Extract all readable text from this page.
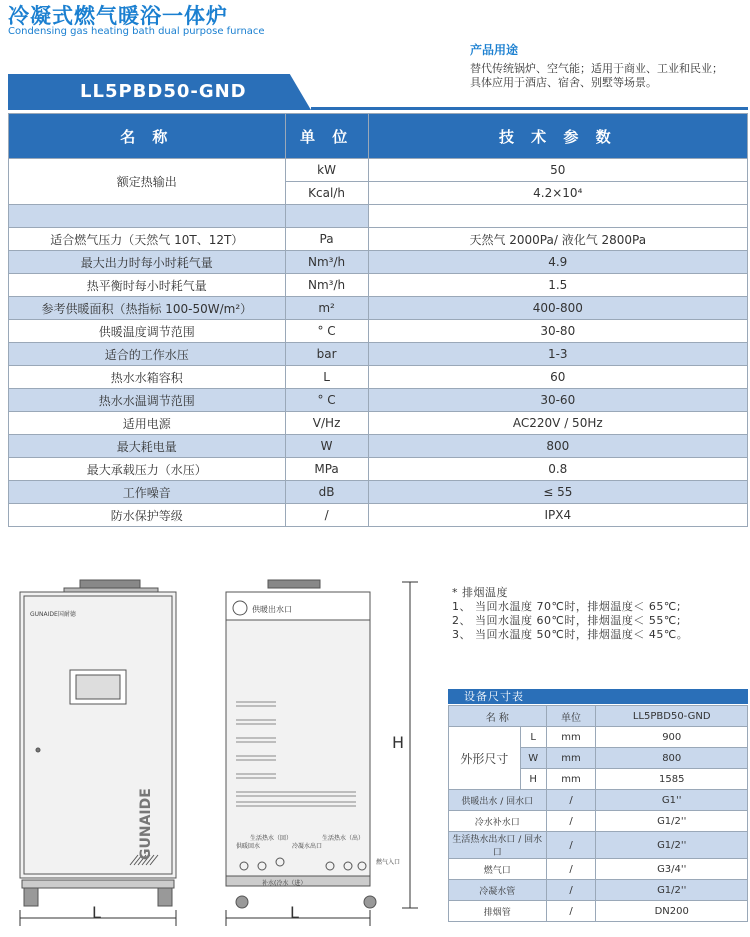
冷凝式燃气暖浴一体炉
Condensing gas heating bath dual purpose furnace
LL5PBD50-GND
产品用途
替代传统锅炉、空气能；适用于商业、工业和民业；
具体应用于酒店、宿舍、别墅等场景。
名 称	单 位	技 术 参 数
额定热输出	kW	50
	Kcal/h	4.2×10⁴

适合燃气压力（天然气 10T、12T）	Pa	天然气 2000Pa/ 液化气 2800Pa
最大出力时每小时耗气量	Nm³/h	4.9
热平衡时每小时耗气量	Nm³/h	1.5
参考供暖面积（热指标 100-50W/m²）	m²	400-800
供暖温度调节范围	° C	30-80
适合的工作水压	bar	1-3
热水水箱容积	L	60
热水水温调节范围	° C	30-60
适用电源	V/Hz	AC220V / 50Hz
最大耗电量	W	800
最大承载压力（水压）	MPa	0.8
工作噪音	dB	≤ 55
防水保护等级	/	IPX4
* 排烟温度
1、 当回水温度 70℃时，排烟温度＜ 65℃;
2、 当回水温度 60℃时，排烟温度＜ 55℃;
3、 当回水温度 50℃时，排烟温度＜ 45℃。
设备尺寸表
名 称		单位	LL5PBD50-GND
外形尺寸	L	mm	900
	W	mm	800
	H	mm	1585
供暖出水 / 回水口		/	G1''
冷水补水口		/	G1/2''
生活热水出水口 / 回水口		/	G1/2''
燃气口		/	G3/4''
冷凝水管		/	G1/2''
排烟管		/	DN200
GUNAIDE国耐德
GUNAIDE
L
供暖出水口
供暖回水
生活热水（回）
冷凝水出口
生活热水（出）
补水(冷水（进）
燃气入口
L
H
